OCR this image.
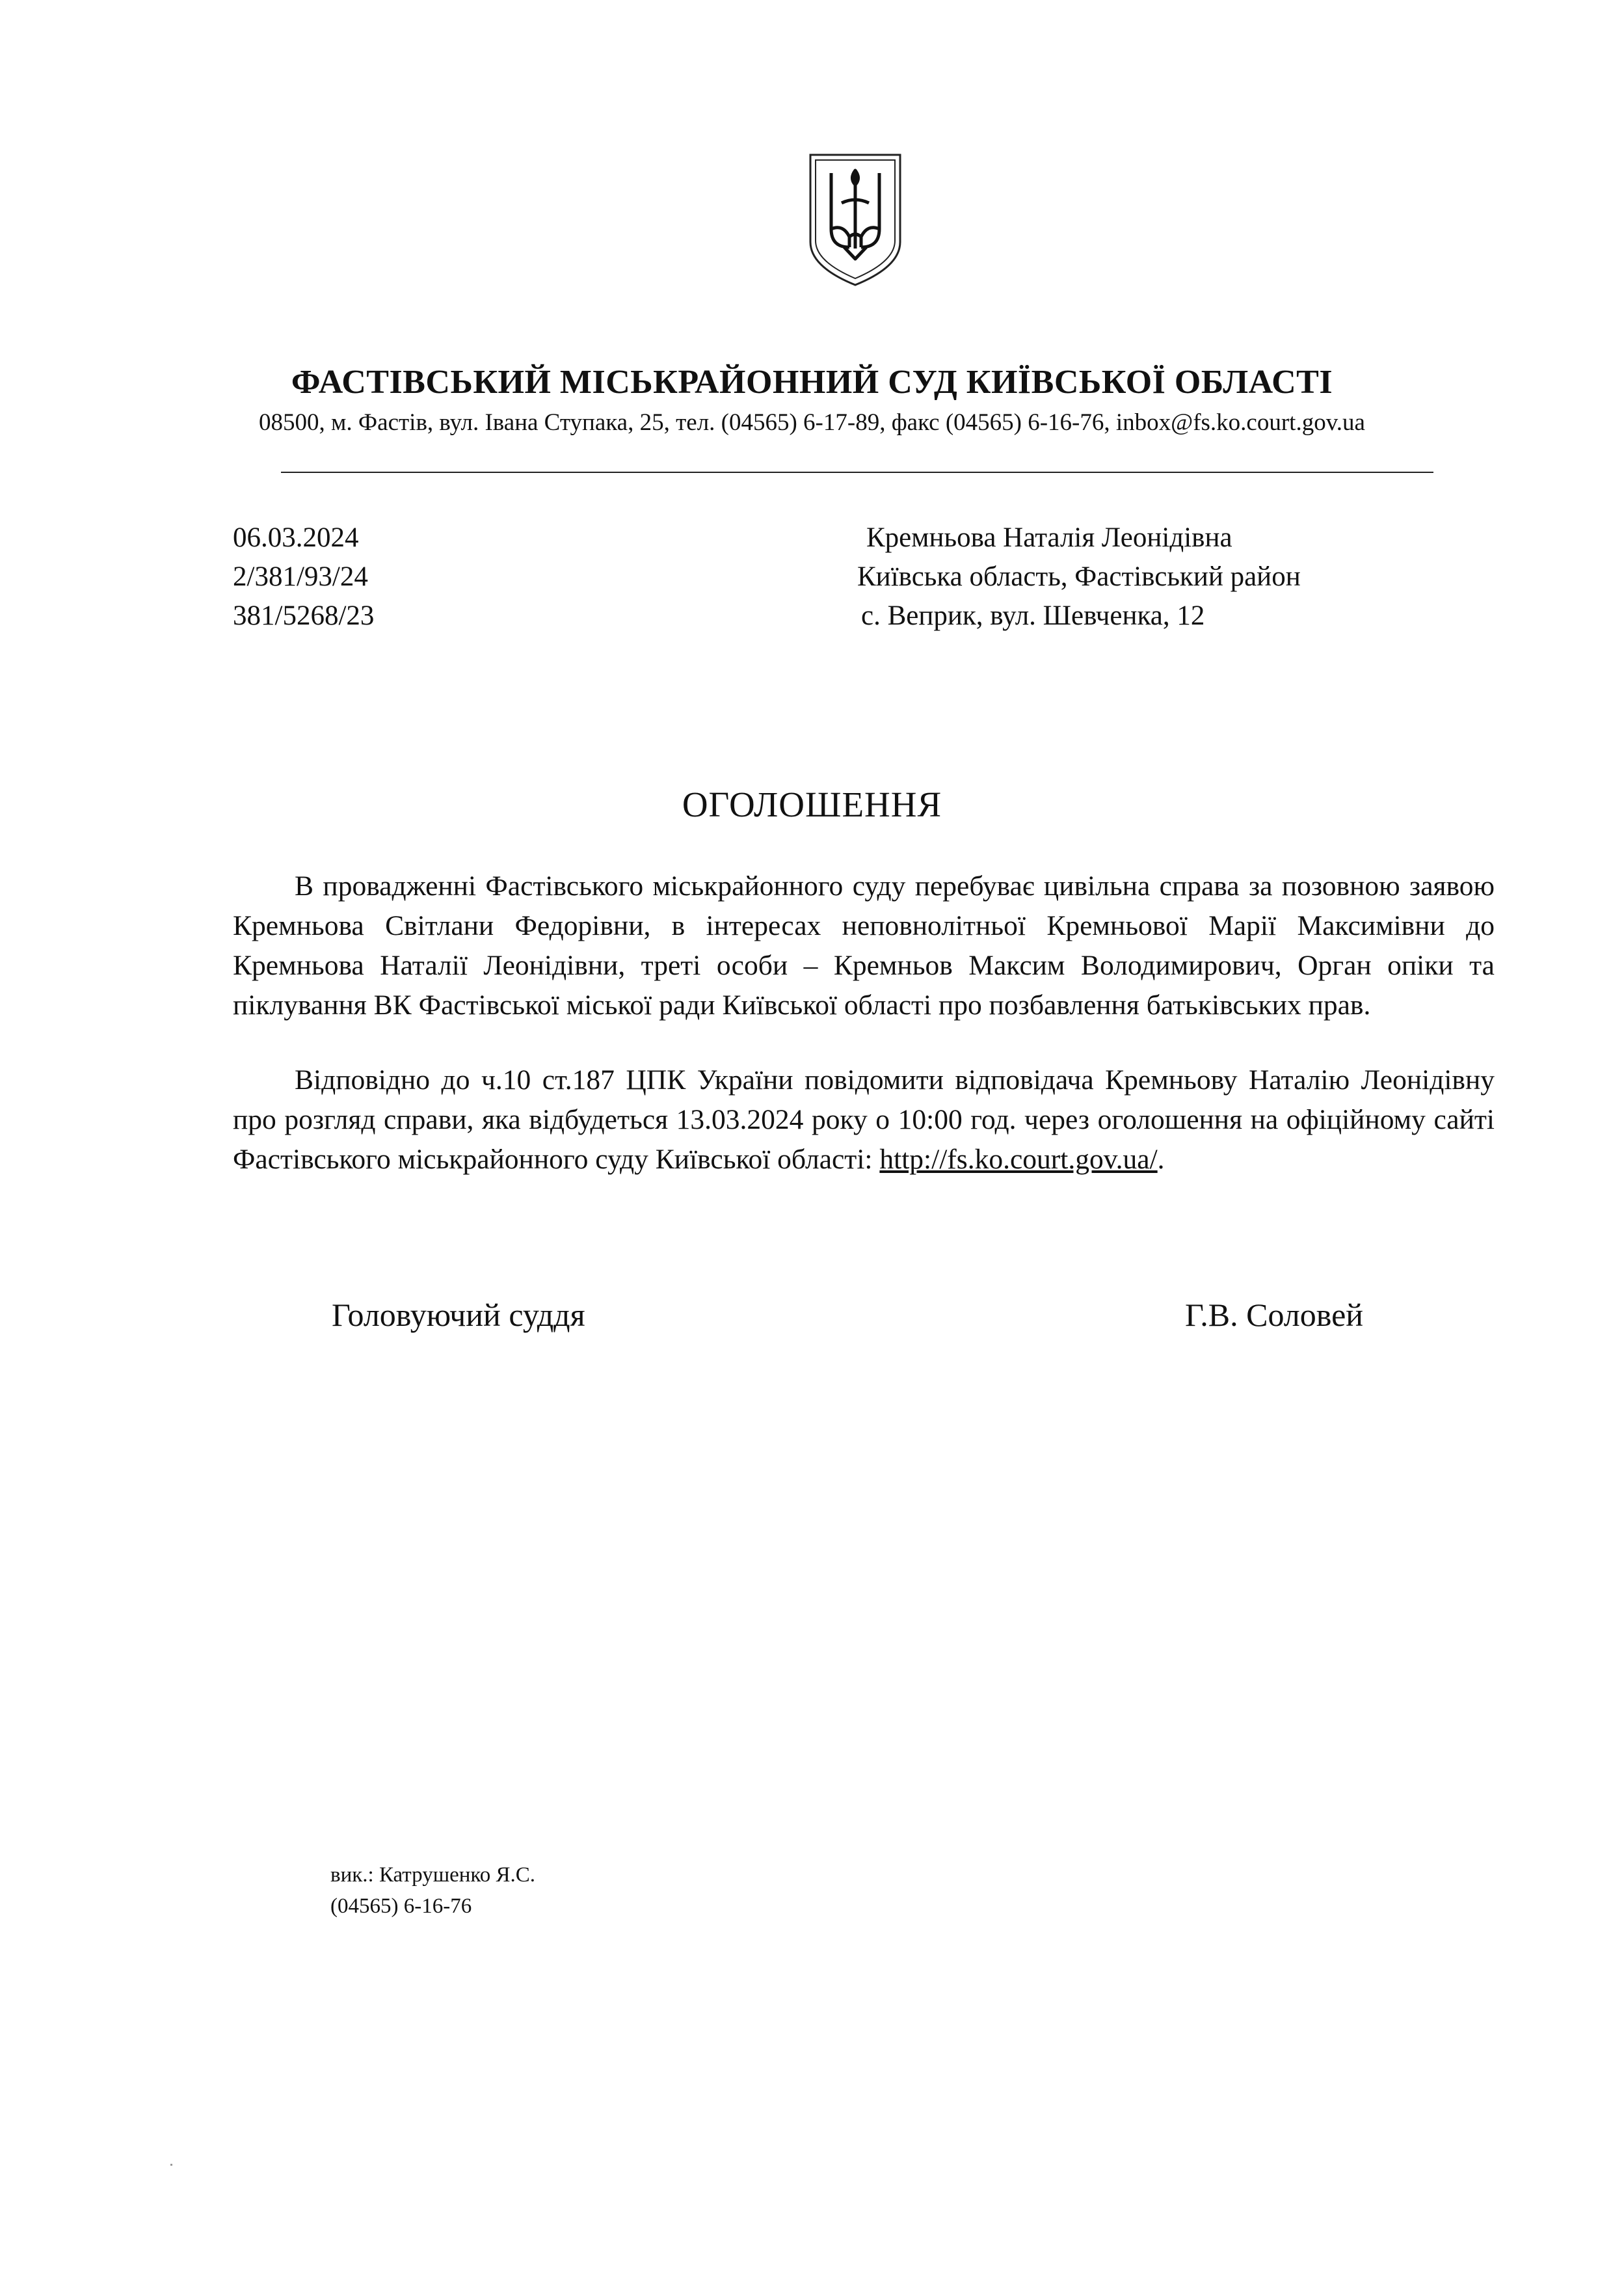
ФАСТІВСЬКИЙ МІСЬКРАЙОННИЙ СУД КИЇВСЬКОЇ ОБЛАСТІ
08500, м. Фастів, вул. Івана Ступака, 25, тел. (04565) 6-17-89, факс (04565) 6-16-76, inbox@fs.ko.court.gov.ua
06.03.2024
2/381/93/24
381/5268/23
Кремньова Наталія Леонідівна
Київська область, Фастівський район
с. Веприк, вул. Шевченка, 12
ОГОЛОШЕННЯ
В провадженні Фастівського міськрайонного суду перебуває цивільна справа за позовною заявою Кремньова Світлани Федорівни, в інтересах неповнолітньої Кремньової Марії Максимівни до Кремньова Наталії Леонідівни, треті особи – Кремньов Максим Володимирович, Орган опіки та піклування ВК Фастівської міської ради Київської області про позбавлення батьківських прав.
Відповідно до ч.10 ст.187 ЦПК України повідомити відповідача Кремньову Наталію Леонідівну про розгляд справи, яка відбудеться 13.03.2024 року о 10:00 год. через оголошення на офіційному сайті Фастівського міськрайонного суду Київської області: http://fs.ko.court.gov.ua/.
Головуючий суддя	Г.В. Соловей
вик.: Катрушенко Я.С.
(04565) 6-16-76
